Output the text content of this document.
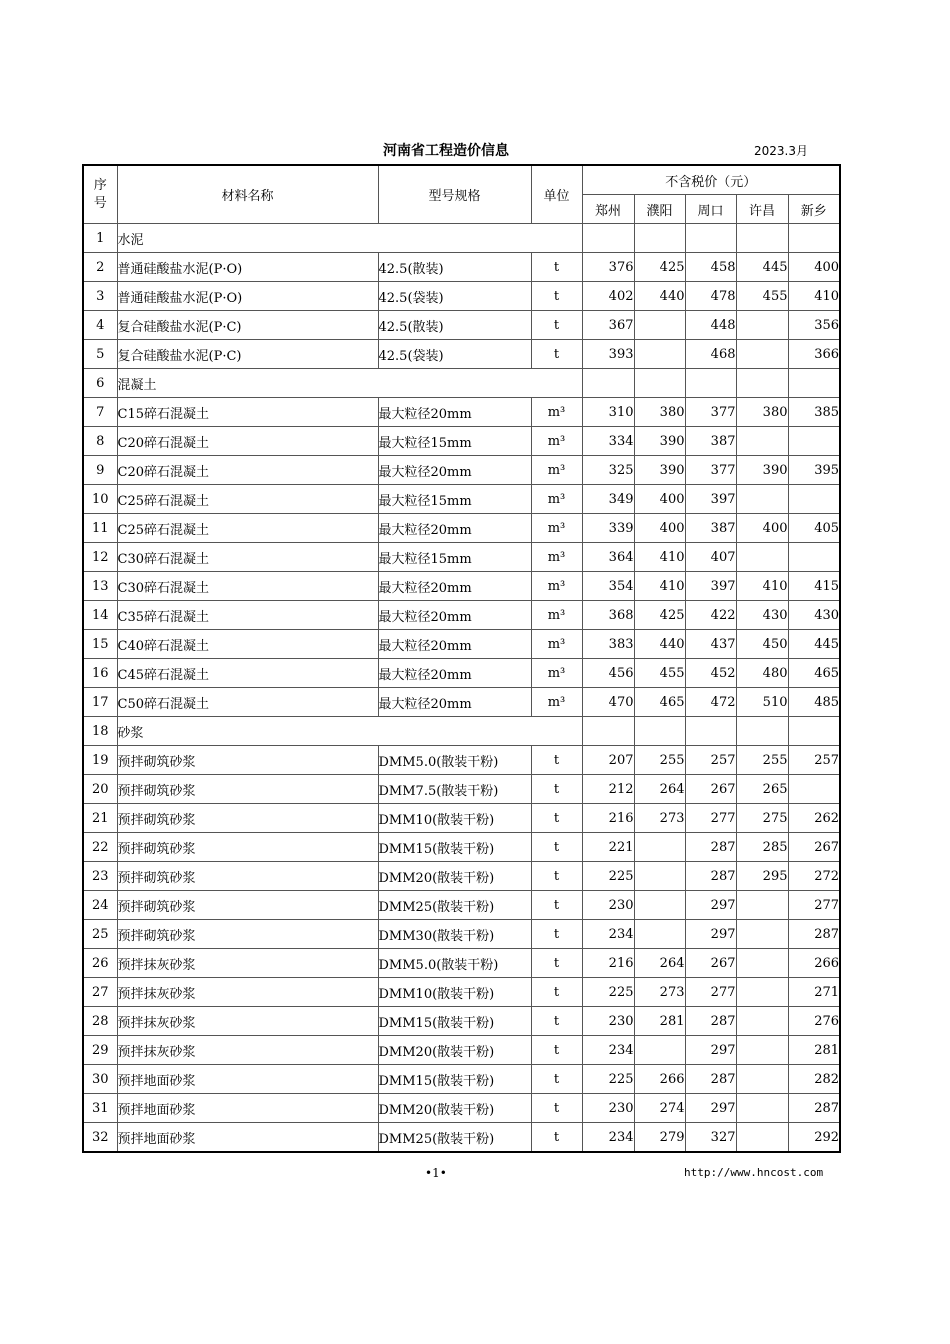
河南省工程造价信息	2023.3月
序号	材料名称	型号规格	单位	不含税价（元）				
				郑州	濮阳	周口	许昌	新乡
1	水泥							
2	普通硅酸盐水泥(P·O)	42.5(散装)	t	376	425	458	445	400
3	普通硅酸盐水泥(P·O)	42.5(袋装)	t	402	440	478	455	410
4	复合硅酸盐水泥(P·C)	42.5(散装)	t	367		448		356
5	复合硅酸盐水泥(P·C)	42.5(袋装)	t	393		468		366
6	混凝土							
7	C15碎石混凝土	最大粒径20mm	m³	310	380	377	380	385
8	C20碎石混凝土	最大粒径15mm	m³	334	390	387		
9	C20碎石混凝土	最大粒径20mm	m³	325	390	377	390	395
10	C25碎石混凝土	最大粒径15mm	m³	349	400	397		
11	C25碎石混凝土	最大粒径20mm	m³	339	400	387	400	405
12	C30碎石混凝土	最大粒径15mm	m³	364	410	407		
13	C30碎石混凝土	最大粒径20mm	m³	354	410	397	410	415
14	C35碎石混凝土	最大粒径20mm	m³	368	425	422	430	430
15	C40碎石混凝土	最大粒径20mm	m³	383	440	437	450	445
16	C45碎石混凝土	最大粒径20mm	m³	456	455	452	480	465
17	C50碎石混凝土	最大粒径20mm	m³	470	465	472	510	485
18	砂浆							
19	预拌砌筑砂浆	DMM5.0(散装干粉)	t	207	255	257	255	257
20	预拌砌筑砂浆	DMM7.5(散装干粉)	t	212	264	267	265	
21	预拌砌筑砂浆	DMM10(散装干粉)	t	216	273	277	275	262
22	预拌砌筑砂浆	DMM15(散装干粉)	t	221		287	285	267
23	预拌砌筑砂浆	DMM20(散装干粉)	t	225		287	295	272
24	预拌砌筑砂浆	DMM25(散装干粉)	t	230		297		277
25	预拌砌筑砂浆	DMM30(散装干粉)	t	234		297		287
26	预拌抹灰砂浆	DMM5.0(散装干粉)	t	216	264	267		266
27	预拌抹灰砂浆	DMM10(散装干粉)	t	225	273	277		271
28	预拌抹灰砂浆	DMM15(散装干粉)	t	230	281	287		276
29	预拌抹灰砂浆	DMM20(散装干粉)	t	234		297		281
30	预拌地面砂浆	DMM15(散装干粉)	t	225	266	287		282
31	预拌地面砂浆	DMM20(散装干粉)	t	230	274	297		287
32	预拌地面砂浆	DMM25(散装干粉)	t	234	279	327		292
•1•	http://www.hncost.com
